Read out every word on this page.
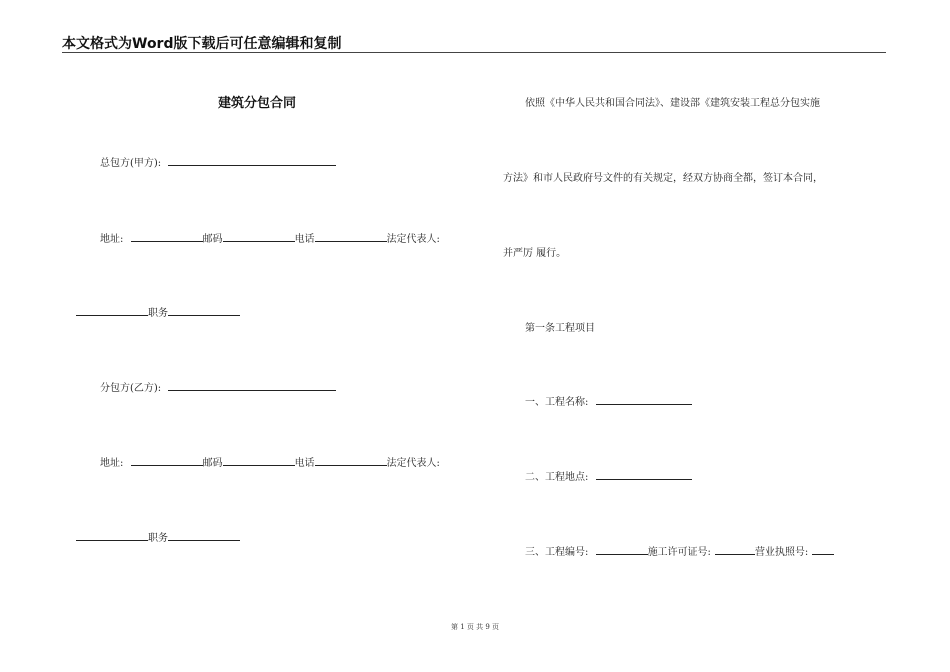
本文格式为Word版下载后可任意编辑和复制
建筑分包合同
总包方(甲方):
地址:	邮码	电话	法定代表人:
职务
分包方(乙方):
地址:	邮码	电话	法定代表人:
职务
依照《中华人民共和国合同法》、建设部《建筑安装工程总分包实施
方法》和市人民政府号文件的有关规定，经双方协商全都，签订本合同，
并严厉 履行。
第一条工程项目
一、工程名称:
二、工程地点:
三、工程编号:	施工许可证号:	营业执照号:
第 1 页 共 9 页
